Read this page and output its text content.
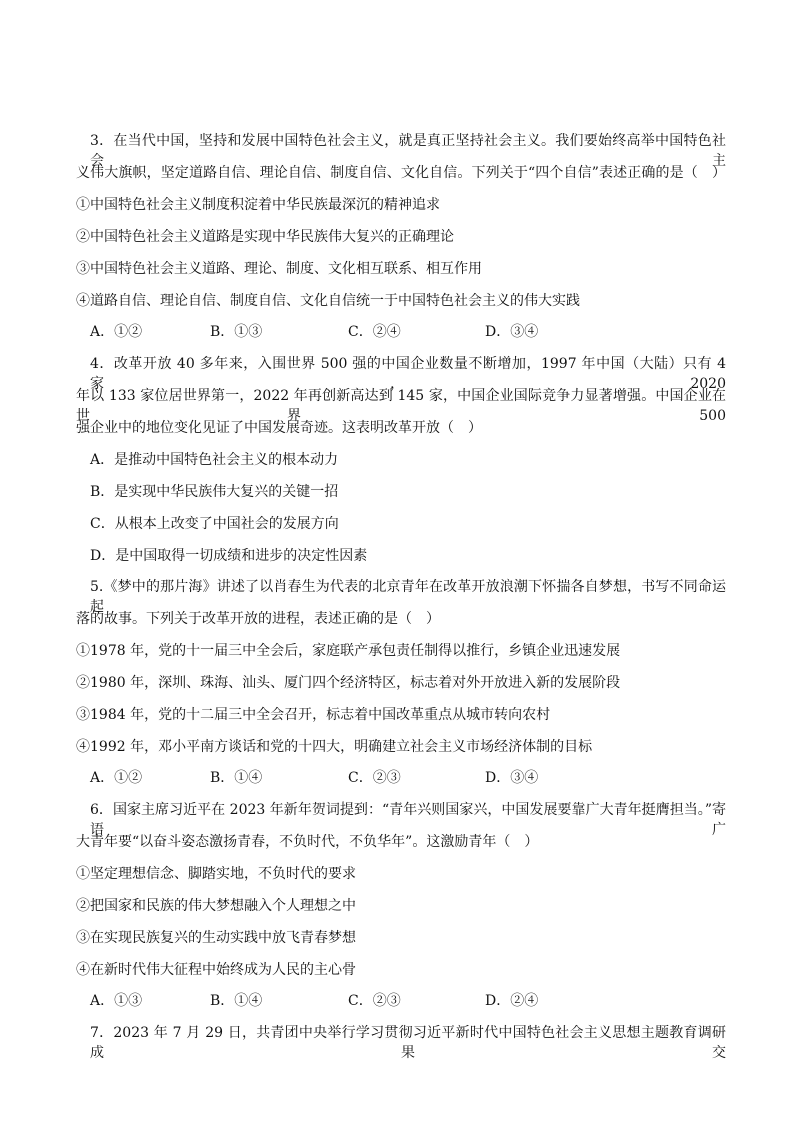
3．在当代中国，坚持和发展中国特色社会主义，就是真正坚持社会主义。我们要始终高举中国特色社会主
义伟大旗帜，坚定道路自信、理论自信、制度自信、文化自信。下列关于“四个自信”表述正确的是（　）
①中国特色社会主义制度积淀着中华民族最深沉的精神追求
②中国特色社会主义道路是实现中华民族伟大复兴的正确理论
③中国特色社会主义道路、理论、制度、文化相互联系、相互作用
④道路自信、理论自信、制度自信、文化自信统一于中国特色社会主义的伟大实践
A．①②	B．①③	C．②④	D．③④
4．改革开放 40 多年来，入围世界 500 强的中国企业数量不断增加，1997 年中国（大陆）只有 4 家，2020
年以 133 家位居世界第一，2022 年再创新高达到 145 家，中国企业国际竞争力显著增强。中国企业在世界 500
强企业中的地位变化见证了中国发展奇迹。这表明改革开放（　）
A．是推动中国特色社会主义的根本动力
B．是实现中华民族伟大复兴的关键一招
C．从根本上改变了中国社会的发展方向
D．是中国取得一切成绩和进步的决定性因素
5.《梦中的那片海》讲述了以肖春生为代表的北京青年在改革开放浪潮下怀揣各自梦想，书写不同命运起
落的故事。下列关于改革开放的进程，表述正确的是（　）
①1978 年，党的十一届三中全会后，家庭联产承包责任制得以推行，乡镇企业迅速发展
②1980 年，深圳、珠海、汕头、厦门四个经济特区，标志着对外开放进入新的发展阶段
③1984 年，党的十二届三中全会召开，标志着中国改革重点从城市转向农村
④1992 年，邓小平南方谈话和党的十四大，明确建立社会主义市场经济体制的目标
A．①②	B．①④	C．②③	D．③④
6．国家主席习近平在 2023 年新年贺词提到：“青年兴则国家兴，中国发展要靠广大青年挺膺担当。”寄语广
大青年要“以奋斗姿态激扬青春，不负时代，不负华年”。这激励青年（　）
①坚定理想信念、脚踏实地，不负时代的要求
②把国家和民族的伟大梦想融入个人理想之中
③在实现民族复兴的生动实践中放飞青春梦想
④在新时代伟大征程中始终成为人民的主心骨
A．①③	B．①④	C．②③	D．②④
7．2023 年 7 月 29 日，共青团中央举行学习贯彻习近平新时代中国特色社会主义思想主题教育调研成果交
